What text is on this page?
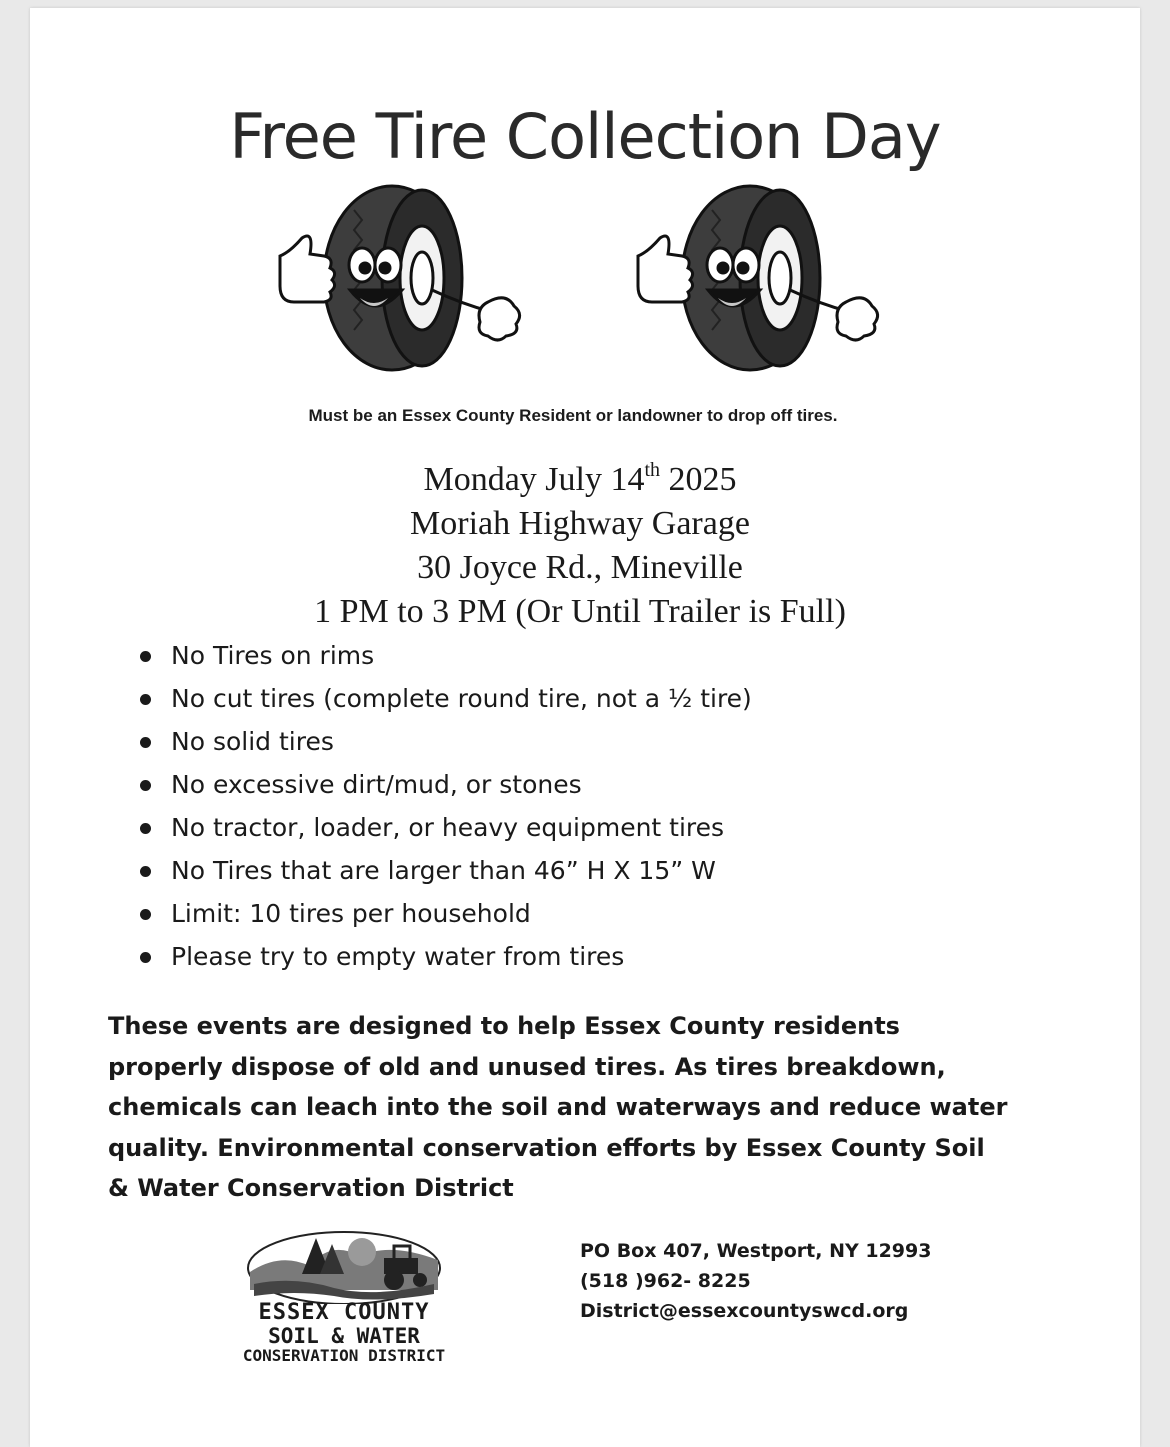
Free Tire Collection Day
Must be an Essex County Resident or landowner to drop off tires.
Monday July 14th 2025
Moriah Highway Garage
30 Joyce Rd., Mineville
1 PM to 3 PM (Or Until Trailer is Full)
No Tires on rims
No cut tires (complete round tire, not a ½ tire)
No solid tires
No excessive dirt/mud, or stones
No tractor, loader, or heavy equipment tires
No Tires that are larger than 46” H X 15” W
Limit: 10 tires per household
Please try to empty water from tires

These events are designed to help Essex County residents properly dispose of old and unused tires. As tires breakdown, chemicals can leach into the soil and waterways and reduce water quality. Environmental conservation efforts by Essex County Soil & Water Conservation District

ESSEX COUNTY
SOIL & WATER
CONSERVATION DISTRICT
PO Box 407, Westport, NY 12993
(518 )962- 8225
District@essexcountyswcd.org
